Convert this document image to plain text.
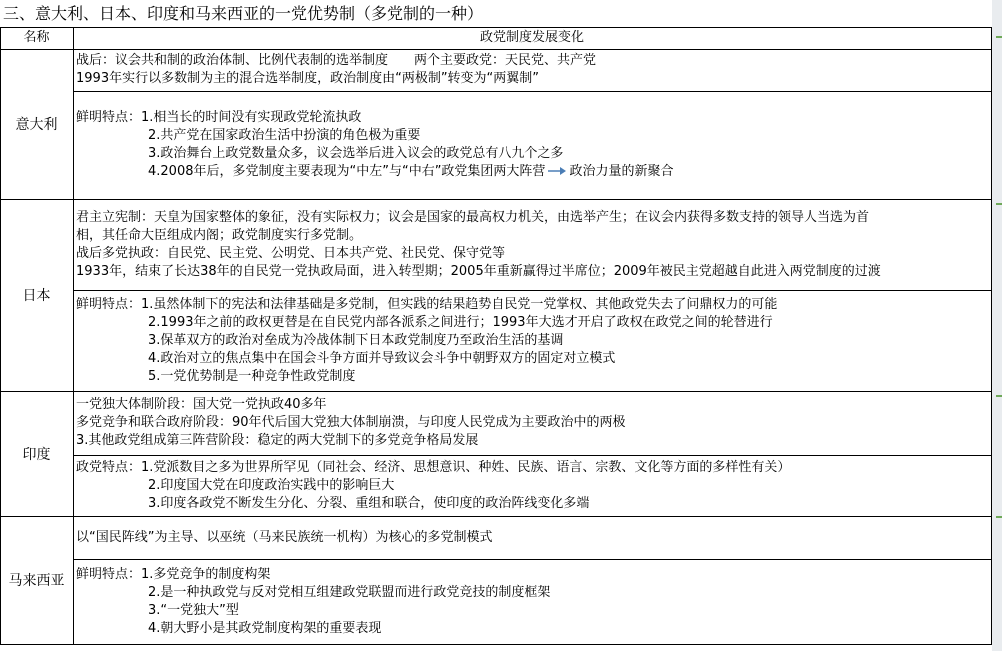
三、意大利、日本、印度和马来西亚的一党优势制（多党制的一种）
名称	政党制度发展变化
意大利
战后：议会共和制的政治体制、比例代表制的选举制度　　两个主要政党：天民党、共产党
1993年实行以多数制为主的混合选举制度，政治制度由“两极制”转变为“两翼制”
鲜明特点：1.相当长的时间没有实现政党轮流执政
2.共产党在国家政治生活中扮演的角色极为重要
3.政治舞台上政党数量众多，议会选举后进入议会的政党总有八九个之多
4.2008年后，多党制度主要表现为“中左”与“中右”政党集团两大阵营 政治力量的新聚合
日本
君主立宪制：天皇为国家整体的象征，没有实际权力；议会是国家的最高权力机关，由选举产生；在议会内获得多数支持的领导人当选为首
相，其任命大臣组成内阁；政党制度实行多党制。
战后多党执政：自民党、民主党、公明党、日本共产党、社民党、保守党等
1933年，结束了长达38年的自民党一党执政局面，进入转型期；2005年重新赢得过半席位；2009年被民主党超越自此进入两党制度的过渡
鲜明特点：1.虽然体制下的宪法和法律基础是多党制，但实践的结果趋势自民党一党掌权、其他政党失去了问鼎权力的可能
2.1993年之前的政权更替是在自民党内部各派系之间进行；1993年大选才开启了政权在政党之间的轮替进行
3.保革双方的政治对垒成为冷战体制下日本政党制度乃至政治生活的基调
4.政治对立的焦点集中在国会斗争方面并导致议会斗争中朝野双方的固定对立模式
5.一党优势制是一种竞争性政党制度
印度
一党独大体制阶段：国大党一党执政40多年
多党竞争和联合政府阶段：90年代后国大党独大体制崩溃，与印度人民党成为主要政治中的两极
3.其他政党组成第三阵营阶段：稳定的两大党制下的多党竞争格局发展
政党特点：1.党派数目之多为世界所罕见（同社会、经济、思想意识、种姓、民族、语言、宗教、文化等方面的多样性有关）
2.印度国大党在印度政治实践中的影响巨大
3.印度各政党不断发生分化、分裂、重组和联合，使印度的政治阵线变化多端
马来西亚
以“国民阵线”为主导、以巫统（马来民族统一机构）为核心的多党制模式
鲜明特点：1.多党竞争的制度构架
2.是一种执政党与反对党相互组建政党联盟而进行政党竞技的制度框架
3.“一党独大”型
4.朝大野小是其政党制度构架的重要表现
